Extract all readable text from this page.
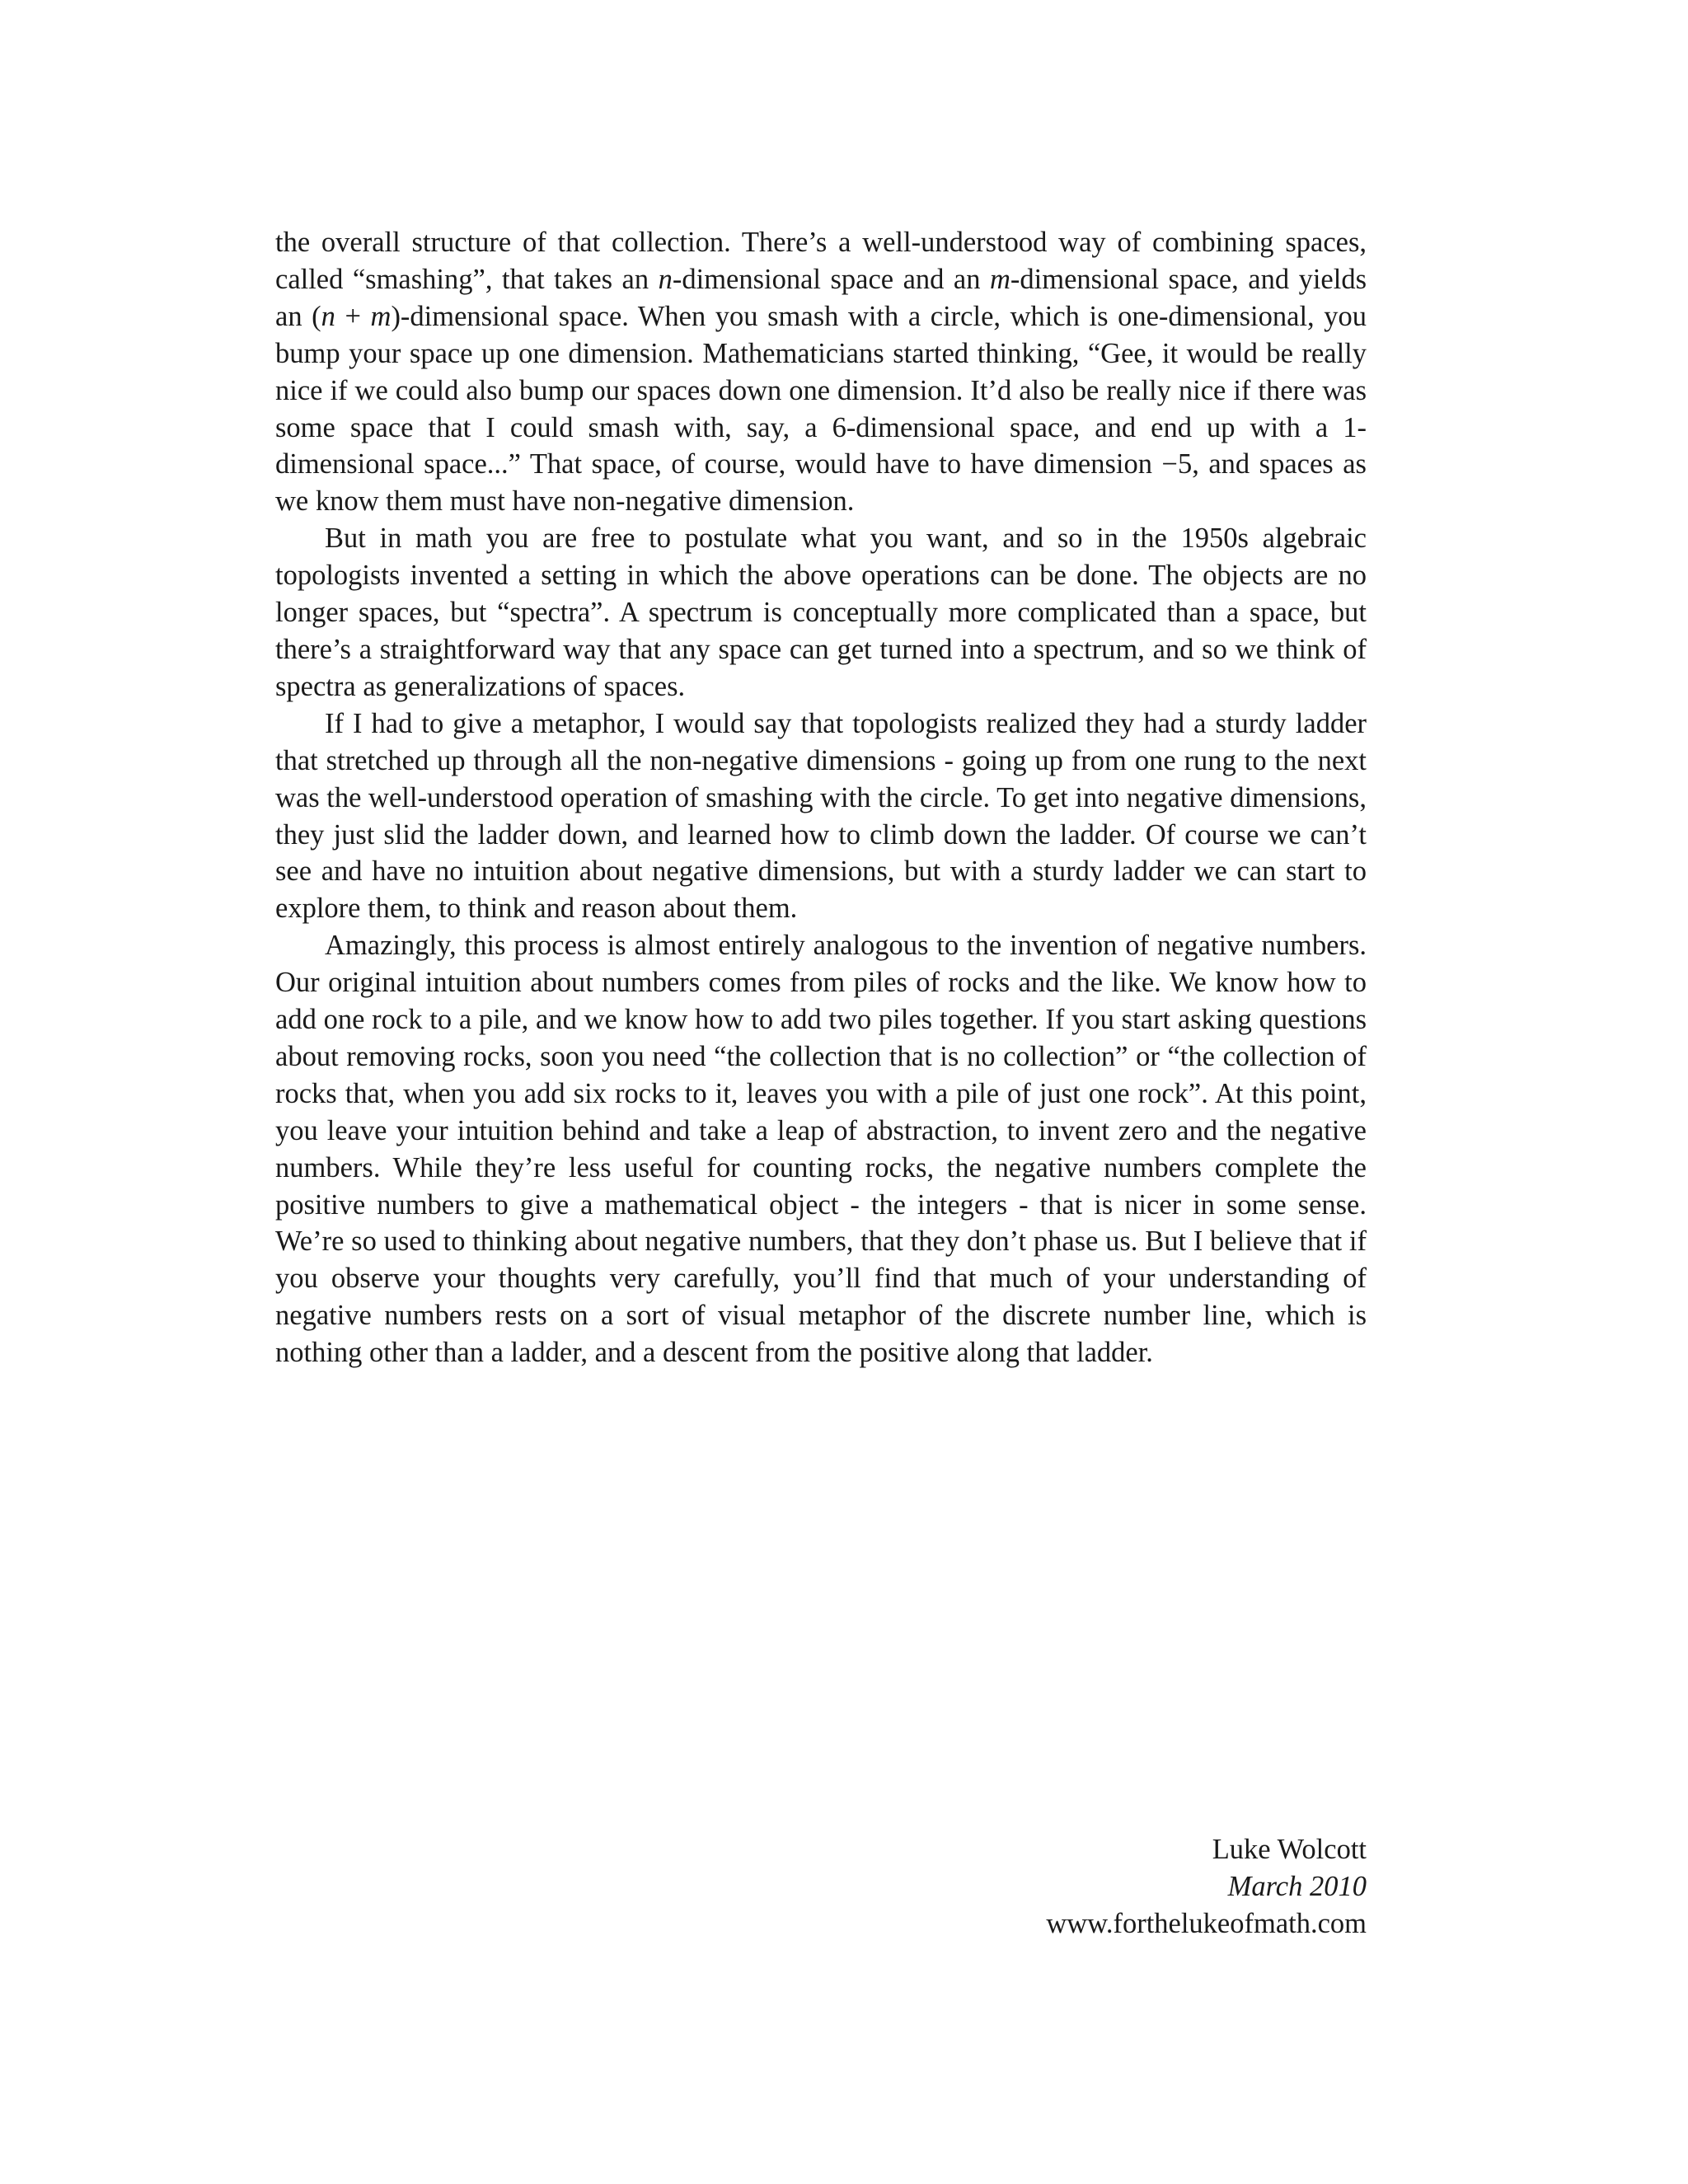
the overall structure of that collection. There’s a well-understood way of combining spaces, called “smashing”, that takes an n-dimensional space and an m-dimensional space, and yields an (n + m)-dimensional space. When you smash with a circle, which is one-dimensional, you bump your space up one dimension. Mathematicians started thinking, “Gee, it would be really nice if we could also bump our spaces down one dimension. It’d also be really nice if there was some space that I could smash with, say, a 6-dimensional space, and end up with a 1-dimensional space...” That space, of course, would have to have dimension −5, and spaces as we know them must have non-negative dimension.

But in math you are free to postulate what you want, and so in the 1950s algebraic topologists invented a setting in which the above operations can be done. The objects are no longer spaces, but “spectra”. A spectrum is conceptually more complicated than a space, but there’s a straightforward way that any space can get turned into a spectrum, and so we think of spectra as generalizations of spaces.

If I had to give a metaphor, I would say that topologists realized they had a sturdy ladder that stretched up through all the non-negative dimensions - going up from one rung to the next was the well-understood operation of smashing with the circle. To get into negative dimensions, they just slid the ladder down, and learned how to climb down the ladder. Of course we can’t see and have no intuition about negative dimensions, but with a sturdy ladder we can start to explore them, to think and reason about them.

Amazingly, this process is almost entirely analogous to the invention of negative numbers. Our original intuition about numbers comes from piles of rocks and the like. We know how to add one rock to a pile, and we know how to add two piles together. If you start asking questions about removing rocks, soon you need “the collection that is no collection” or “the collection of rocks that, when you add six rocks to it, leaves you with a pile of just one rock”. At this point, you leave your intuition behind and take a leap of abstraction, to invent zero and the negative numbers. While they’re less useful for counting rocks, the negative numbers complete the positive numbers to give a mathematical object - the integers - that is nicer in some sense. We’re so used to thinking about negative numbers, that they don’t phase us. But I believe that if you observe your thoughts very carefully, you’ll find that much of your understanding of negative numbers rests on a sort of visual metaphor of the discrete number line, which is nothing other than a ladder, and a descent from the positive along that ladder.

Luke Wolcott
March 2010
www.forthelukeofmath.com
